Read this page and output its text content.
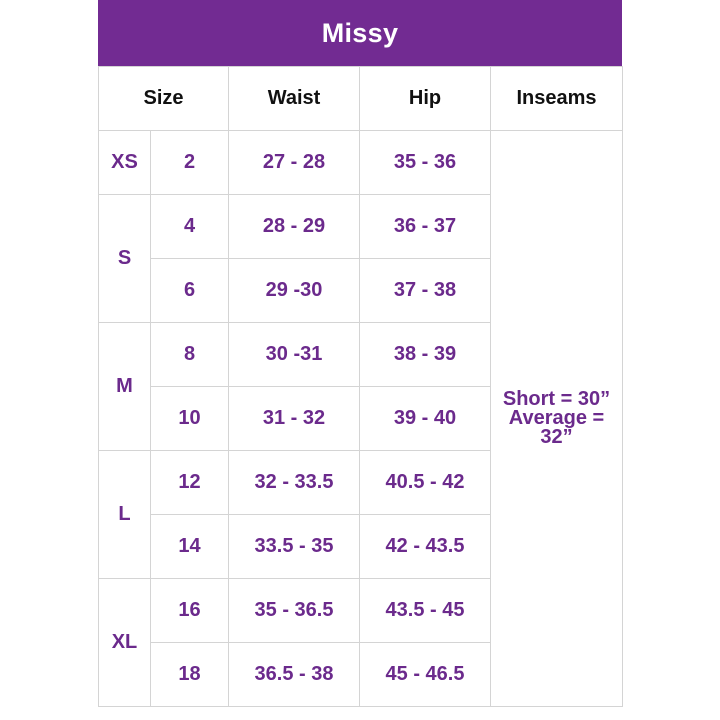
Missy
Size		Waist	Hip	Inseams
XS	2	27 - 28	35 - 36	Short = 30”
Average = 32”

S	4	28 - 29	36 - 37	
	6	29 -30	37 - 38	
M	8	30 -31	38 - 39	
	10	31 - 32	39 - 40	
L	12	32 - 33.5	40.5 - 42	
	14	33.5 - 35	42 - 43.5	
XL	16	35 - 36.5	43.5 - 45	
	18	36.5 - 38	45 - 46.5	
